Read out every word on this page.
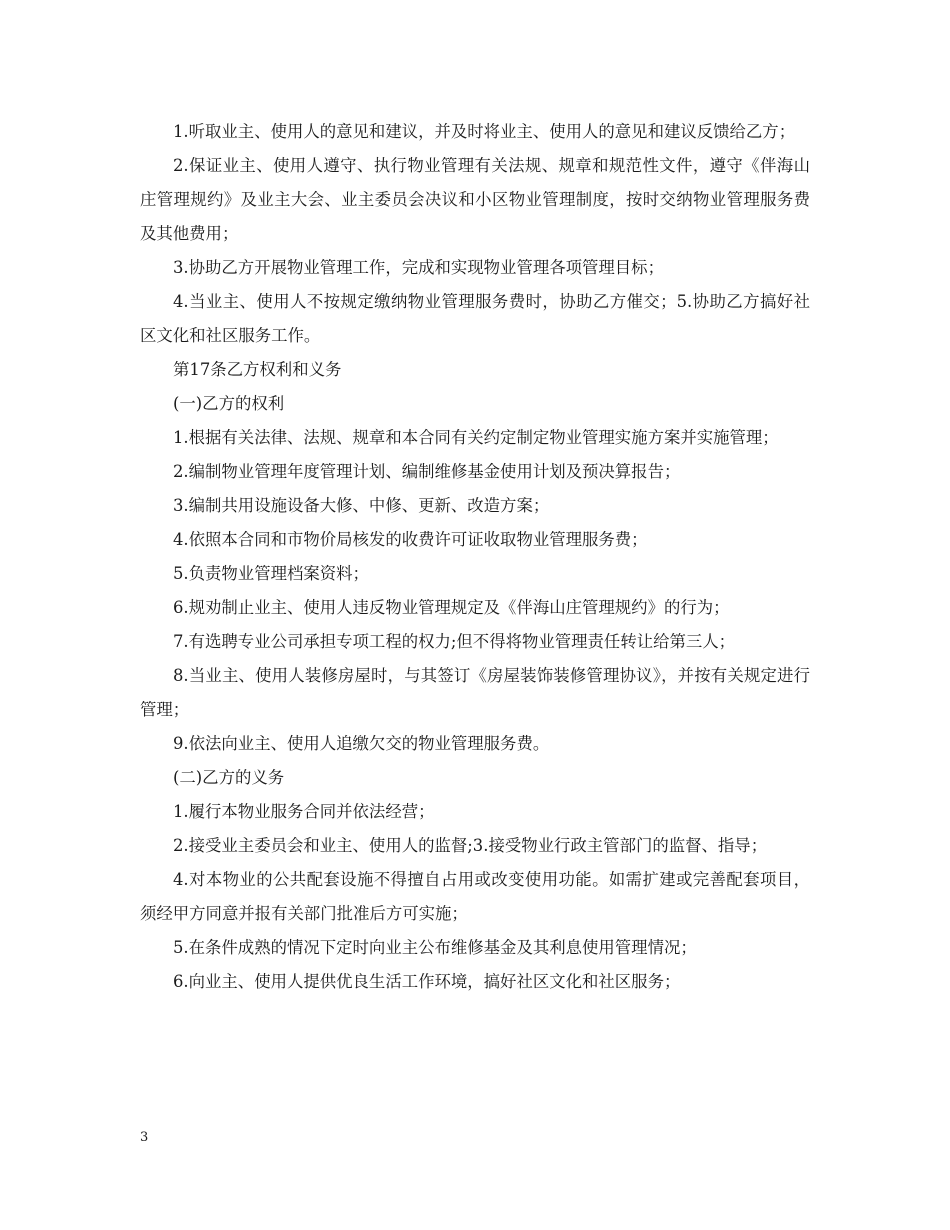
1.听取业主、使用人的意见和建议，并及时将业主、使用人的意见和建议反馈给乙方；

2.保证业主、使用人遵守、执行物业管理有关法规、规章和规范性文件，遵守《伴海山庄管理规约》及业主大会、业主委员会决议和小区物业管理制度，按时交纳物业管理服务费及其他费用；

3.协助乙方开展物业管理工作，完成和实现物业管理各项管理目标；

4.当业主、使用人不按规定缴纳物业管理服务费时，协助乙方催交；5.协助乙方搞好社区文化和社区服务工作。

第17条乙方权利和义务

(一)乙方的权利

1.根据有关法律、法规、规章和本合同有关约定制定物业管理实施方案并实施管理；

2.编制物业管理年度管理计划、编制维修基金使用计划及预决算报告；

3.编制共用设施设备大修、中修、更新、改造方案；

4.依照本合同和市物价局核发的收费许可证收取物业管理服务费；

5.负责物业管理档案资料；

6.规劝制止业主、使用人违反物业管理规定及《伴海山庄管理规约》的行为；

7.有选聘专业公司承担专项工程的权力;但不得将物业管理责任转让给第三人；

8.当业主、使用人装修房屋时，与其签订《房屋装饰装修管理协议》，并按有关规定进行管理；

9.依法向业主、使用人追缴欠交的物业管理服务费。

(二)乙方的义务

1.履行本物业服务合同并依法经营；

2.接受业主委员会和业主、使用人的监督;3.接受物业行政主管部门的监督、指导；

4.对本物业的公共配套设施不得擅自占用或改变使用功能。如需扩建或完善配套项目，须经甲方同意并报有关部门批准后方可实施；

5.在条件成熟的情况下定时向业主公布维修基金及其利息使用管理情况；

6.向业主、使用人提供优良生活工作环境，搞好社区文化和社区服务；

3
